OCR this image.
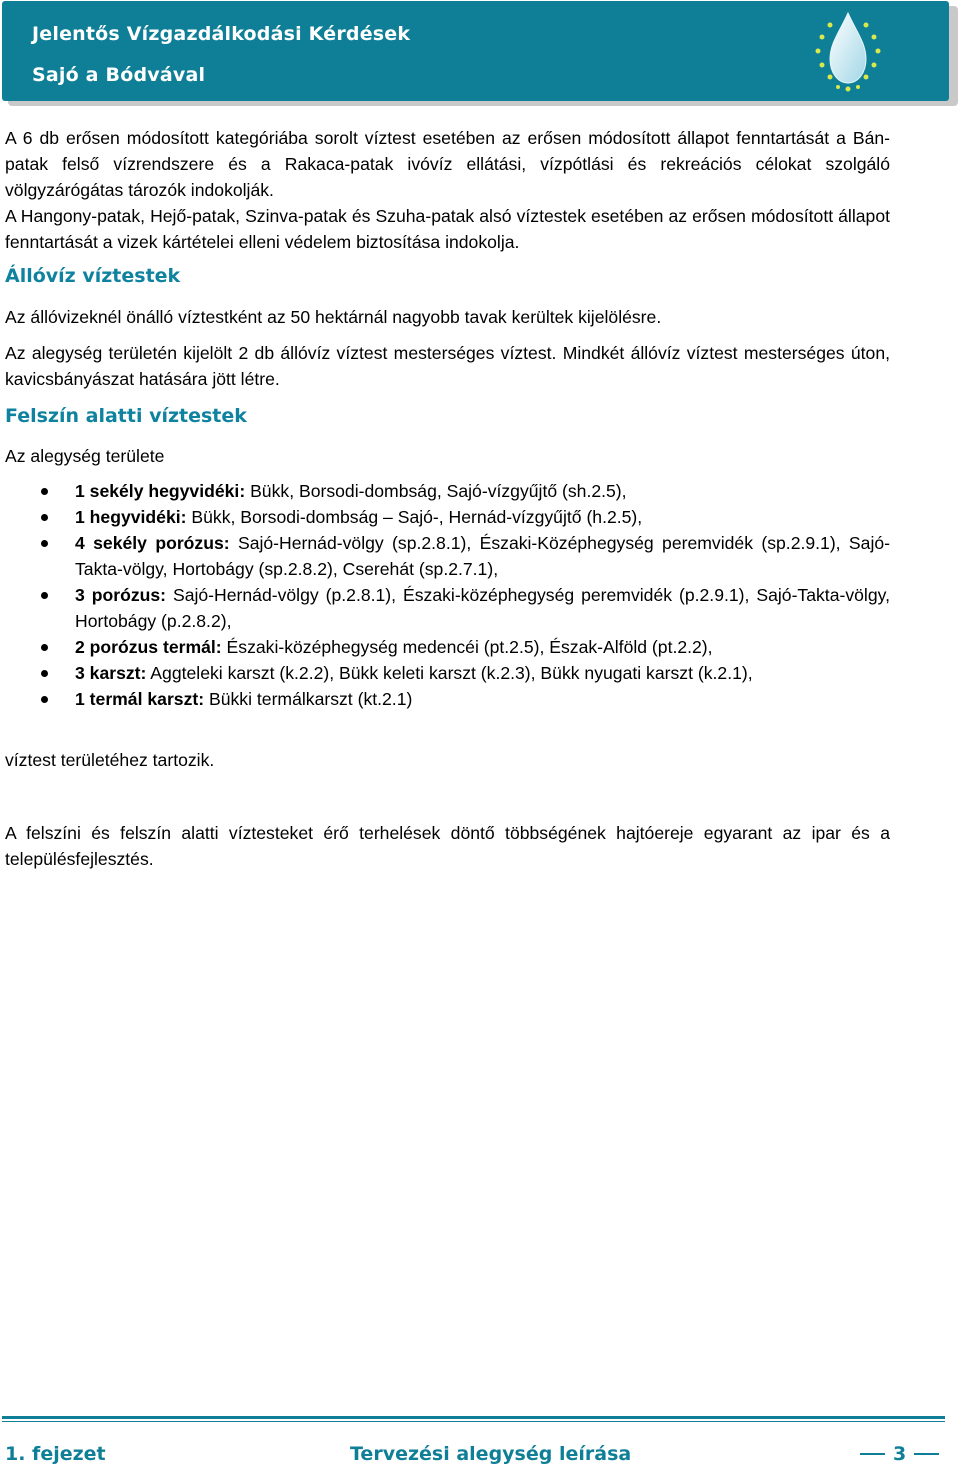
Jelentős Vízgazdálkodási Kérdések
Sajó a Bódvával
A 6 db erősen módosított kategóriába sorolt víztest esetében az erősen módosított állapot fenntartását a Bán-patak felső vízrendszere és a Rakaca-patak ivóvíz ellátási, vízpótlási és rekreációs célokat szolgáló völgyzárógátas tározók indokolják.
A Hangony-patak, Hejő-patak, Szinva-patak és Szuha-patak alsó víztestek esetében az erősen módosított állapot fenntartását a vizek kártételei elleni védelem biztosítása indokolja.
Állóvíz víztestek
Az állóvizeknél önálló víztestként az 50 hektárnál nagyobb tavak kerültek kijelölésre.
Az alegység területén kijelölt 2 db állóvíz víztest mesterséges víztest. Mindkét állóvíz víztest mesterséges úton, kavicsbányászat hatására jött létre.
Felszín alatti víztestek
Az alegység területe
1 sekély hegyvidéki: Bükk, Borsodi-dombság, Sajó-vízgyűjtő (sh.2.5),
1 hegyvidéki: Bükk, Borsodi-dombság – Sajó-, Hernád-vízgyűjtő (h.2.5),
4 sekély porózus: Sajó-Hernád-völgy (sp.2.8.1), Északi-Középhegység peremvidék (sp.2.9.1), Sajó-Takta-völgy, Hortobágy (sp.2.8.2), Cserehát (sp.2.7.1),
3 porózus: Sajó-Hernád-völgy (p.2.8.1), Északi-középhegység peremvidék (p.2.9.1), Sajó-Takta-völgy, Hortobágy (p.2.8.2),
2 porózus termál: Északi-középhegység medencéi (pt.2.5), Észak-Alföld (pt.2.2),
3 karszt: Aggteleki karszt (k.2.2), Bükk keleti karszt (k.2.3), Bükk nyugati karszt (k.2.1),
1 termál karszt: Bükki termálkarszt (kt.2.1)
víztest területéhez tartozik.
A felszíni és felszín alatti víztesteket érő terhelések döntő többségének hajtóereje egyarant az ipar és a településfejlesztés.
1. fejezet	Tervezési alegység leírása	3
